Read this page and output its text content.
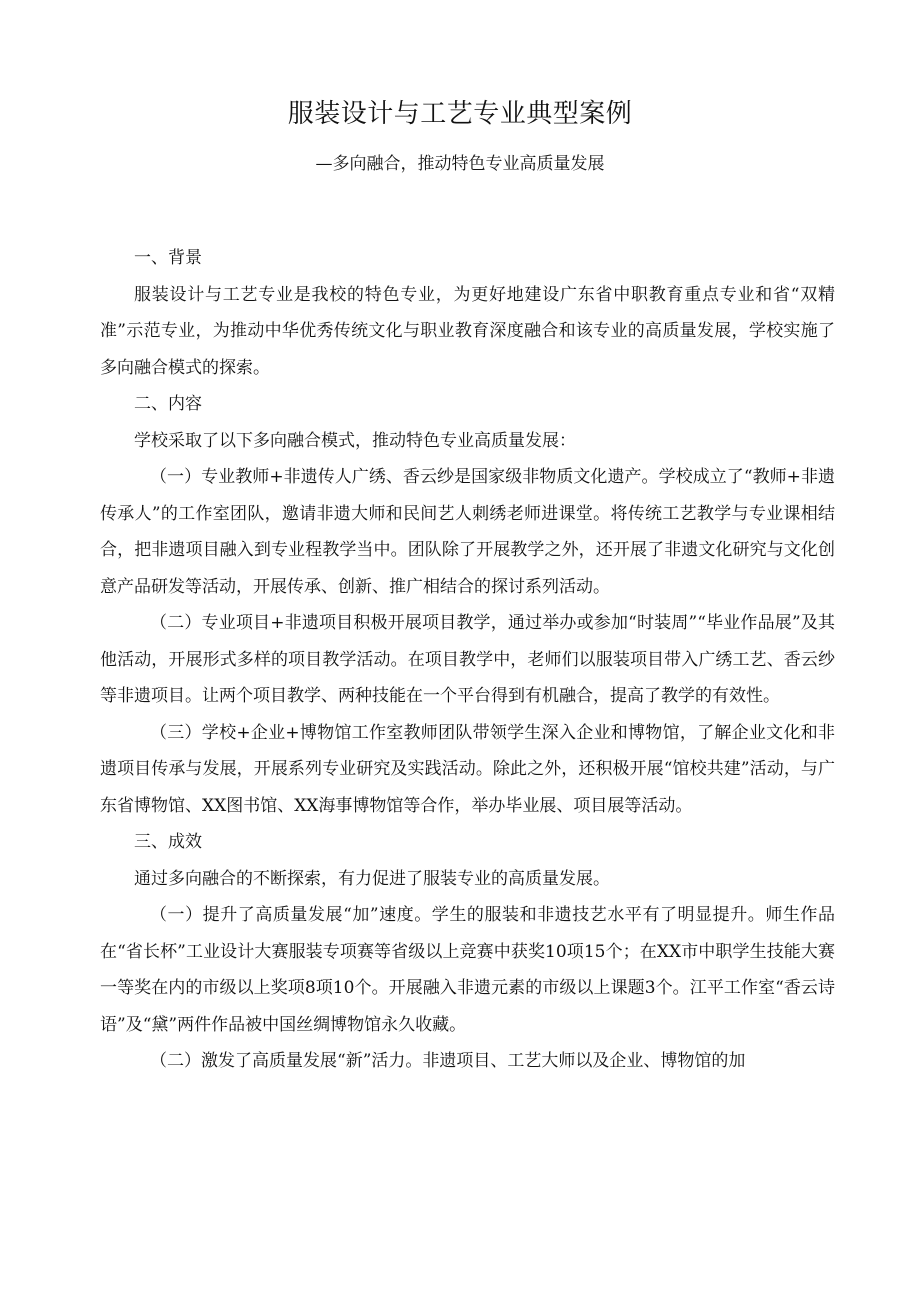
服装设计与工艺专业典型案例
—多向融合，推动特色专业高质量发展

一、背景

服装设计与工艺专业是我校的特色专业，为更好地建设广东省中职教育重点专业和省“双精准”示范专业，为推动中华优秀传统文化与职业教育深度融合和该专业的高质量发展，学校实施了多向融合模式的探索。

二、内容

学校采取了以下多向融合模式，推动特色专业高质量发展：

（一）专业教师+非遗传人广绣、香云纱是国家级非物质文化遗产。学校成立了“教师+非遗传承人”的工作室团队，邀请非遗大师和民间艺人刺绣老师进课堂。将传统工艺教学与专业课相结合，把非遗项目融入到专业程教学当中。团队除了开展教学之外，还开展了非遗文化研究与文化创意产品研发等活动，开展传承、创新、推广相结合的探讨系列活动。

（二）专业项目+非遗项目积极开展项目教学，通过举办或参加“时装周”“毕业作品展”及其他活动，开展形式多样的项目教学活动。在项目教学中，老师们以服装项目带入广绣工艺、香云纱等非遗项目。让两个项目教学、两种技能在一个平台得到有机融合，提高了教学的有效性。

（三）学校+企业+博物馆工作室教师团队带领学生深入企业和博物馆，了解企业文化和非遗项目传承与发展，开展系列专业研究及实践活动。除此之外，还积极开展“馆校共建”活动，与广东省博物馆、XX图书馆、XX海事博物馆等合作，举办毕业展、项目展等活动。

三、成效

通过多向融合的不断探索，有力促进了服装专业的高质量发展。

（一）提升了高质量发展“加”速度。学生的服装和非遗技艺水平有了明显提升。师生作品在“省长杯”工业设计大赛服装专项赛等省级以上竞赛中获奖10项15个；在XX市中职学生技能大赛一等奖在内的市级以上奖项8项10个。开展融入非遗元素的市级以上课题3个。江平工作室“香云诗语”及“黛”两件作品被中国丝绸博物馆永久收藏。

（二）激发了高质量发展“新”活力。非遗项目、工艺大师以及企业、博物馆的加
